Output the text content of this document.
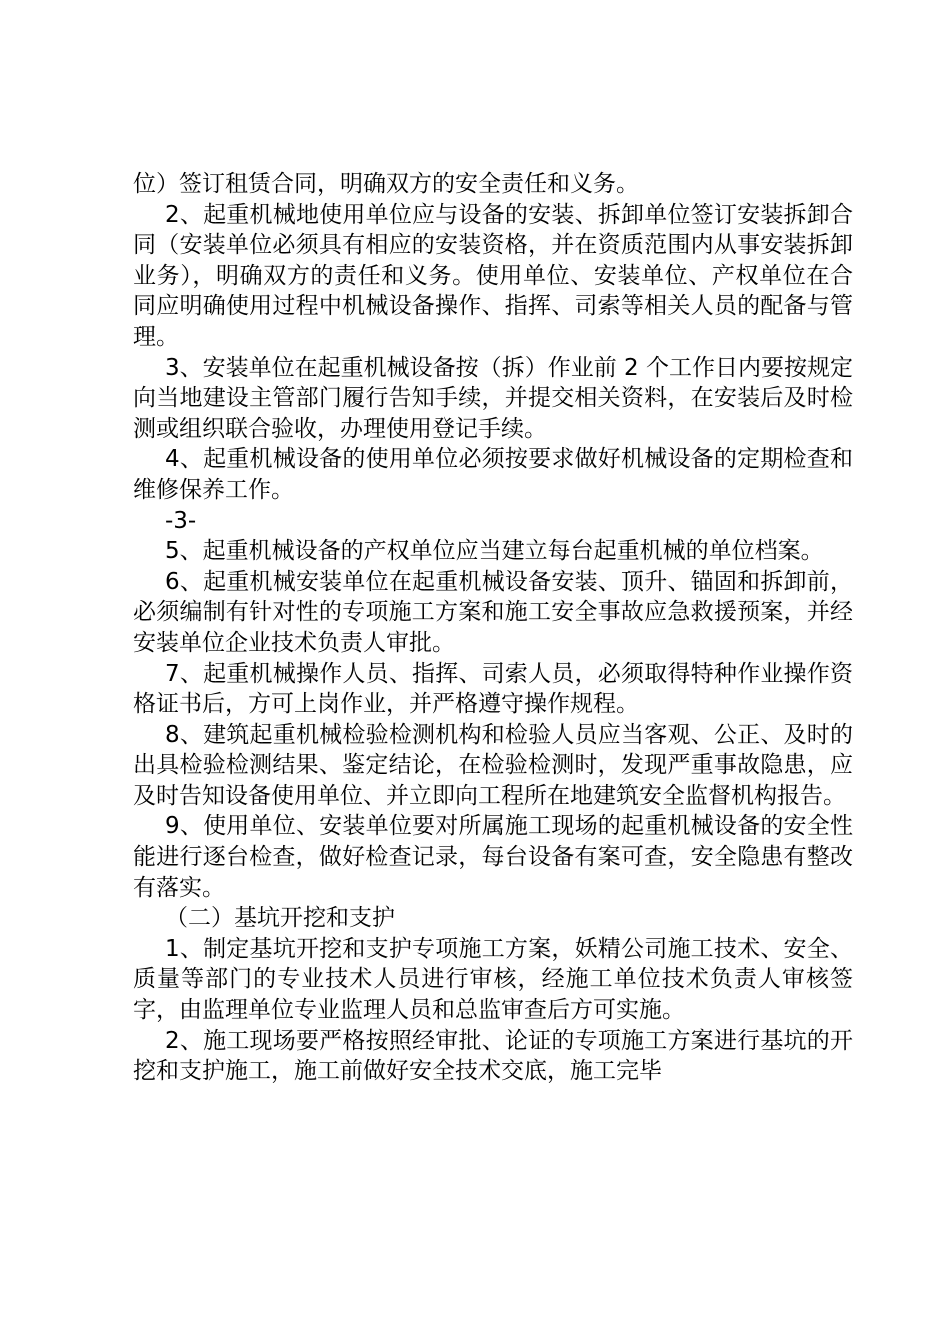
位）签订租赁合同，明确双方的安全责任和义务。

2、起重机械地使用单位应与设备的安装、拆卸单位签订安装拆卸合同（安装单位必须具有相应的安装资格，并在资质范围内从事安装拆卸业务），明确双方的责任和义务。使用单位、安装单位、产权单位在合同应明确使用过程中机械设备操作、指挥、司索等相关人员的配备与管理。

3、安装单位在起重机械设备按（拆）作业前 2 个工作日内要按规定向当地建设主管部门履行告知手续，并提交相关资料，在安装后及时检测或组织联合验收，办理使用登记手续。

4、起重机械设备的使用单位必须按要求做好机械设备的定期检查和维修保养工作。

-3-

5、起重机械设备的产权单位应当建立每台起重机械的单位档案。

6、起重机械安装单位在起重机械设备安装、顶升、锚固和拆卸前，必须编制有针对性的专项施工方案和施工安全事故应急救援预案，并经安装单位企业技术负责人审批。

7、起重机械操作人员、指挥、司索人员，必须取得特种作业操作资格证书后，方可上岗作业，并严格遵守操作规程。

8、建筑起重机械检验检测机构和检验人员应当客观、公正、及时的出具检验检测结果、鉴定结论，在检验检测时，发现严重事故隐患，应及时告知设备使用单位、并立即向工程所在地建筑安全监督机构报告。

9、使用单位、安装单位要对所属施工现场的起重机械设备的安全性能进行逐台检查，做好检查记录，每台设备有案可查，安全隐患有整改有落实。

（二）基坑开挖和支护

1、制定基坑开挖和支护专项施工方案，妖精公司施工技术、安全、质量等部门的专业技术人员进行审核，经施工单位技术负责人审核签字，由监理单位专业监理人员和总监审查后方可实施。

2、施工现场要严格按照经审批、论证的专项施工方案进行基坑的开挖和支护施工，施工前做好安全技术交底，施工完毕
